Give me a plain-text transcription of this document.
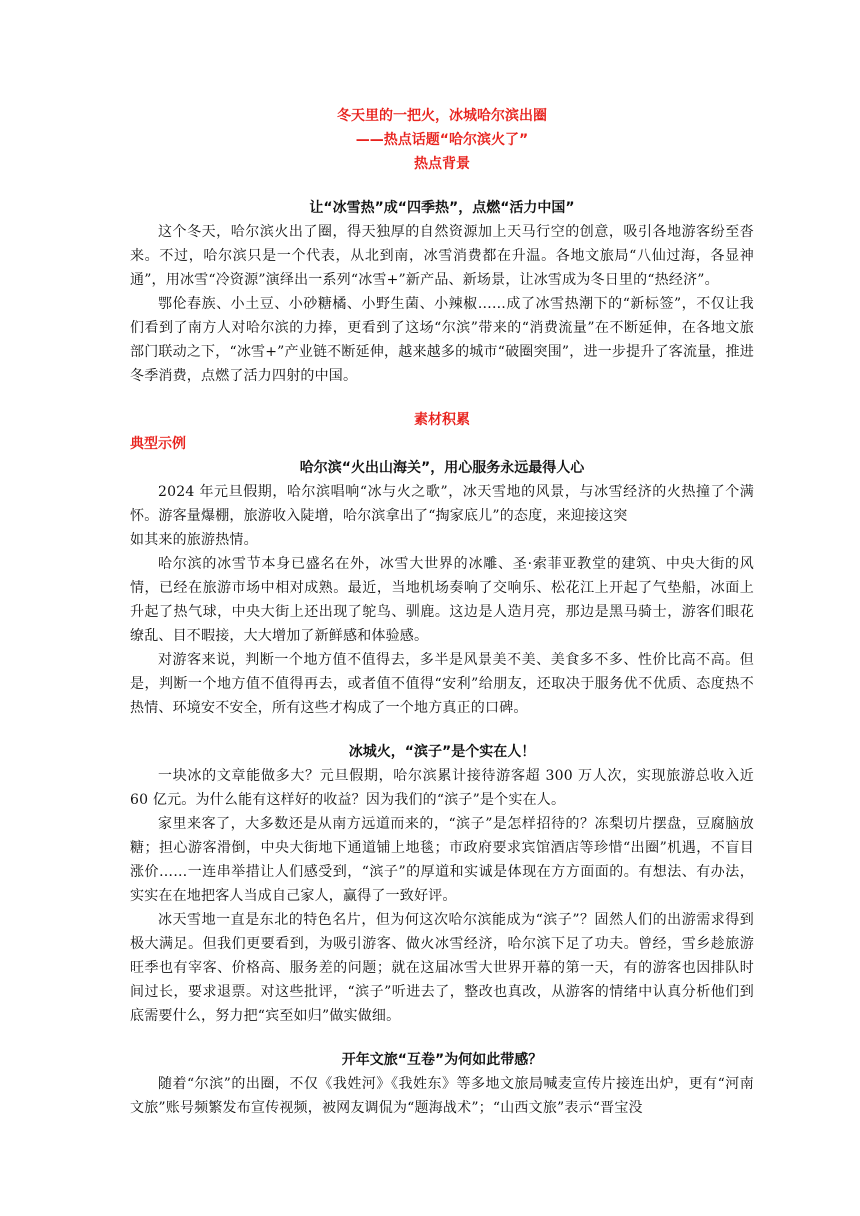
冬天里的一把火，冰城哈尔滨出圈

——热点话题“哈尔滨火了”

热点背景

让“冰雪热”成“四季热”，点燃“活力中国”

这个冬天，哈尔滨火出了圈，得天独厚的自然资源加上天马行空的创意，吸引各地游客纷至沓来。不过，哈尔滨只是一个代表，从北到南，冰雪消费都在升温。各地文旅局“八仙过海，各显神通”，用冰雪“冷资源”演绎出一系列“冰雪+”新产品、新场景，让冰雪成为冬日里的“热经济”。

鄂伦春族、小土豆、小砂糖橘、小野生菌、小辣椒……成了冰雪热潮下的“新标签”，不仅让我们看到了南方人对哈尔滨的力捧，更看到了这场“尔滨”带来的“消费流量”在不断延伸，在各地文旅部门联动之下，“冰雪+”产业链不断延伸，越来越多的城市“破圈突围”，进一步提升了客流量，推进冬季消费，点燃了活力四射的中国。

素材积累

典型示例

哈尔滨“火出山海关”，用心服务永远最得人心

2024 年元旦假期，哈尔滨唱响“冰与火之歌”，冰天雪地的风景，与冰雪经济的火热撞了个满怀。游客量爆棚，旅游收入陡增，哈尔滨拿出了“掏家底儿”的态度，来迎接这突

如其来的旅游热情。

哈尔滨的冰雪节本身已盛名在外，冰雪大世界的冰雕、圣·索菲亚教堂的建筑、中央大街的风情，已经在旅游市场中相对成熟。最近，当地机场奏响了交响乐、松花江上开起了气垫船，冰面上升起了热气球，中央大街上还出现了鸵鸟、驯鹿。这边是人造月亮，那边是黑马骑士，游客们眼花缭乱、目不暇接，大大增加了新鲜感和体验感。

对游客来说，判断一个地方值不值得去，多半是风景美不美、美食多不多、性价比高不高。但是，判断一个地方值不值得再去，或者值不值得“安利”给朋友，还取决于服务优不优质、态度热不热情、环境安不安全，所有这些才构成了一个地方真正的口碑。

冰城火，“滨子”是个实在人！

一块冰的文章能做多大？元旦假期，哈尔滨累计接待游客超 300 万人次，实现旅游总收入近 60 亿元。为什么能有这样好的收益？因为我们的“滨子”是个实在人。

家里来客了，大多数还是从南方远道而来的，“滨子”是怎样招待的？冻梨切片摆盘，豆腐脑放糖；担心游客滑倒，中央大街地下通道铺上地毯；市政府要求宾馆酒店等珍惜“出圈”机遇，不盲目涨价……一连串举措让人们感受到，“滨子”的厚道和实诚是体现在方方面面的。有想法、有办法，实实在在地把客人当成自己家人，赢得了一致好评。

冰天雪地一直是东北的特色名片，但为何这次哈尔滨能成为“滨子”？固然人们的出游需求得到极大满足。但我们更要看到，为吸引游客、做火冰雪经济，哈尔滨下足了功夫。曾经，雪乡趁旅游旺季也有宰客、价格高、服务差的问题；就在这届冰雪大世界开幕的第一天，有的游客也因排队时间过长，要求退票。对这些批评，“滨子”听进去了，整改也真改，从游客的情绪中认真分析他们到底需要什么，努力把“宾至如归”做实做细。

开年文旅“互卷”为何如此带感？

随着“尔滨”的出圈，不仅《我姓河》《我姓东》等多地文旅局喊麦宣传片接连出炉，更有“河南文旅”账号频繁发布宣传视频，被网友调侃为“题海战术”；“山西文旅”表示“晋宝没
